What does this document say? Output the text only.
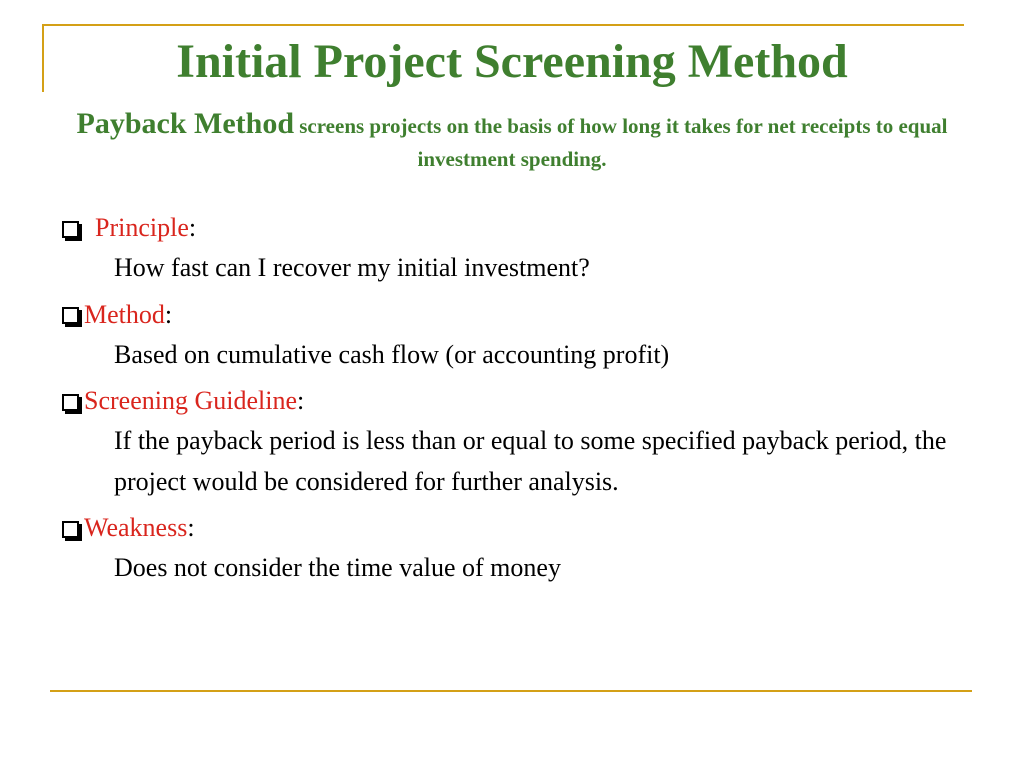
Initial Project Screening Method
Payback Method screens projects on the basis of how long it takes for net receipts to equal investment spending.
Principle :
How fast can I recover my initial investment?
Method :
Based on cumulative cash flow (or accounting profit)
Screening Guideline :
If the payback period is less than or equal to some specified payback period, the project would be considered for further analysis.
Weakness :
Does not consider the time value of money
